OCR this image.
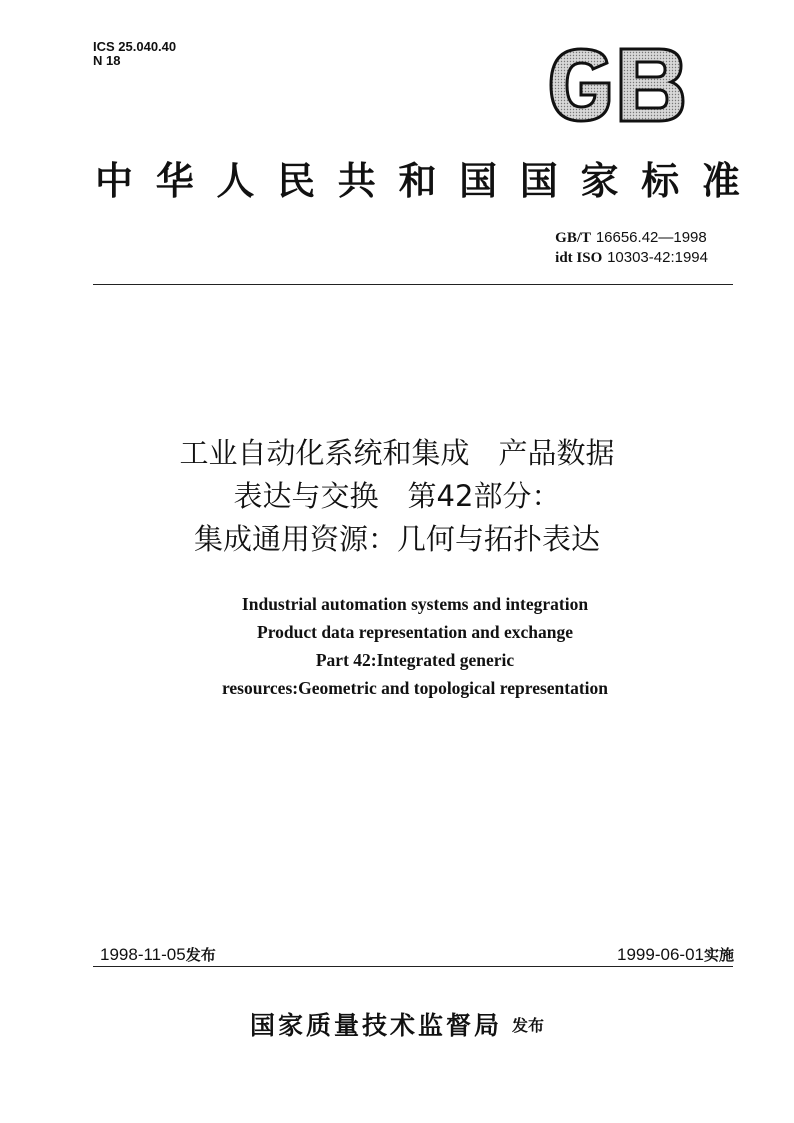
ICS 25.040.40
N 18
中 华 人 民 共 和 国 国 家 标 准
GB/T 16656.42—1998
idt ISO 10303-42:1994
工业自动化系统和集成　产品数据
表达与交换　第42部分：
集成通用资源：几何与拓扑表达
Industrial automation systems and integration
Product data representation and exchange
Part 42:Integrated generic
resources:Geometric and topological representation
1998-11-05发布	1999-06-01实施
国家质量技术监督局 发布
